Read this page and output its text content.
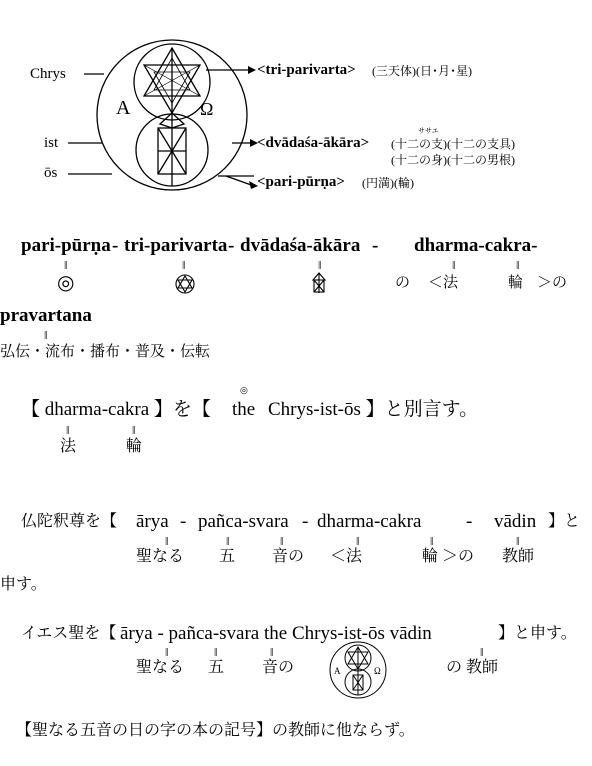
Chrys
ist
ōs
A	Ω
<tri-parivarta> (三天体)(日･月･星)
<dvādaśa-ākāra>
ササエ
(十二の支)(十二の支具)
(十二の身)(十二の男根)
<pari-pūrṇa> (円満)(輪)
pari-pūrṇa - tri-parivarta - dvādaśa-ākāra - dharma-cakra-
‖	‖	‖	‖	‖
◎	の ＜法	輪 ＞の
pravartana
‖
弘伝・流布・播布・普及・伝転
【 dharma-cakra 】を【
◎
the Chrys-ist-ōs 】と別言す。
‖	‖
法	輪
仏陀釈尊を【 ārya - pañca-svara - dharma-cakra - vādin 】と
‖	‖	‖	‖	‖	‖
聖なる 五 音の ＜法	輪 ＞の 教師
申す。
イエス聖を【 ārya - pañca-svara the Chrys-ist-ōs vādin	】と申す。
‖	‖	‖	‖
聖なる 五 音の	A	Ω	の 教師
【聖なる五音の日の字の本の記号】の教師に他ならず。
